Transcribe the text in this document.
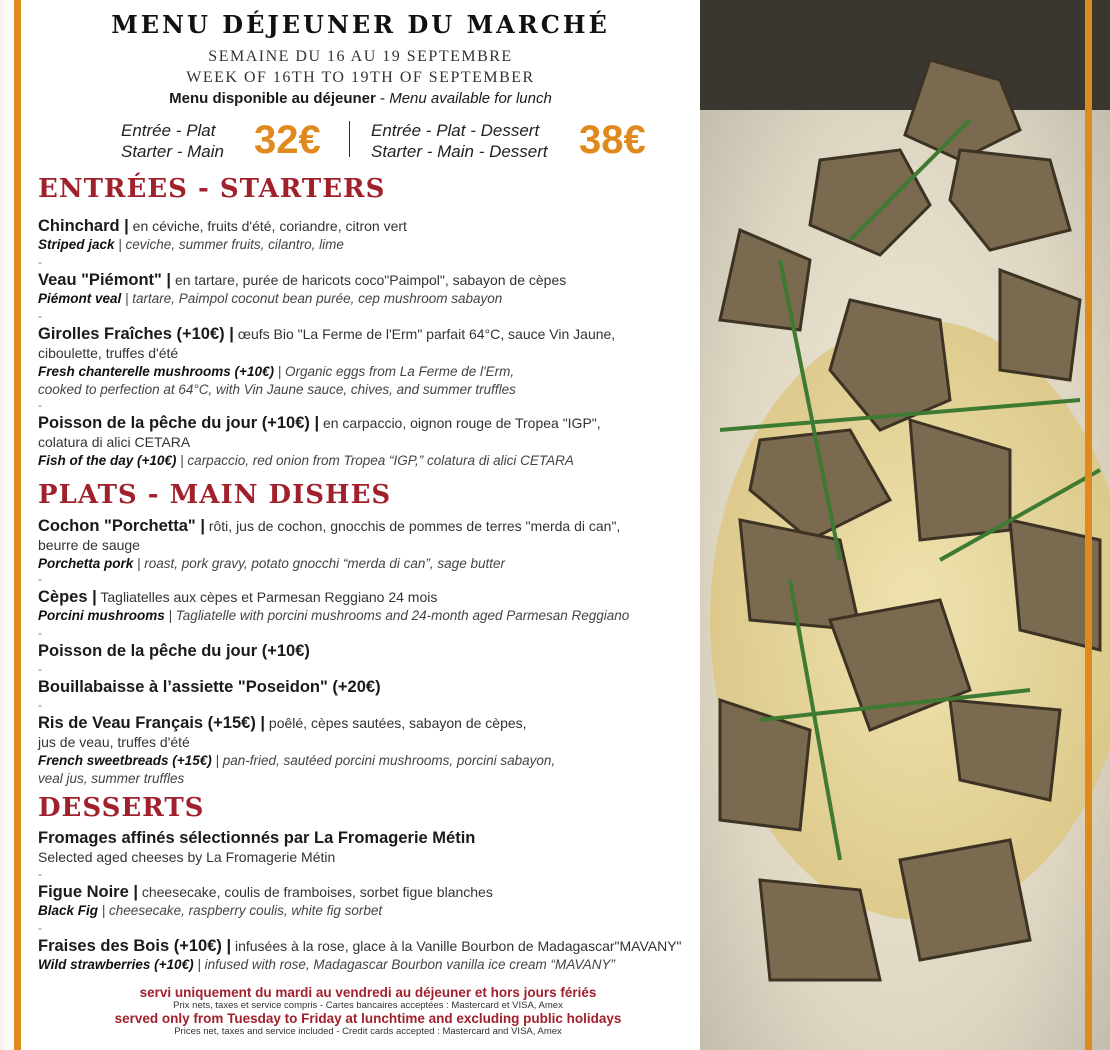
MENU DÉJEUNER DU MARCHÉ
SEMAINE DU 16 AU 19 SEPTEMBRE
WEEK OF 16TH TO 19TH OF SEPTEMBER
Menu disponible au déjeuner - Menu available for lunch
Entrée - Plat
Starter - Main 32€	Entrée - Plat - Dessert
Starter - Main - Dessert 38€
ENTRÉES - STARTERS
Chinchard | en céviche, fruits d'été, coriandre, citron vert
Striped jack | ceviche, summer fruits, cilantro, lime
-
Veau "Piémont" | en tartare, purée de haricots coco"Paimpol", sabayon de cèpes
Piémont veal | tartare, Paimpol coconut bean purée, cep mushroom sabayon
-
Girolles Fraîches (+10€) | œufs Bio "La Ferme de l'Erm" parfait 64°C, sauce Vin Jaune,
ciboulette, truffes d'été
Fresh chanterelle mushrooms (+10€) | Organic eggs from La Ferme de l'Erm,
cooked to perfection at 64°C, with Vin Jaune sauce, chives, and summer truffles
-
Poisson de la pêche du jour (+10€) | en carpaccio, oignon rouge de Tropea "IGP",
colatura di alici CETARA
Fish of the day (+10€) | carpaccio, red onion from Tropea “IGP,” colatura di alici CETARA
PLATS - MAIN DISHES
Cochon "Porchetta" | rôti, jus de cochon, gnocchis de pommes de terres "merda di can",
beurre de sauge
Porchetta pork | roast, pork gravy, potato gnocchi “merda di can”, sage butter
-
Cèpes | Tagliatelles aux cèpes et Parmesan Reggiano 24 mois
Porcini mushrooms | Tagliatelle with porcini mushrooms and 24-month aged Parmesan Reggiano
-
Poisson de la pêche du jour (+10€)
-
Bouillabaisse à l’assiette "Poseidon" (+20€)
-
Ris de Veau Français (+15€) | poêlé, cèpes sautées, sabayon de cèpes,
jus de veau, truffes d'été
French sweetbreads (+15€) | pan-fried, sautéed porcini mushrooms, porcini sabayon,
veal jus, summer truffles
DESSERTS
Fromages affinés sélectionnés par La Fromagerie Métin
Selected aged cheeses by La Fromagerie Métin
-
Figue Noire | cheesecake, coulis de framboises, sorbet figue blanches
Black Fig | cheesecake, raspberry coulis, white fig sorbet
-
Fraises des Bois (+10€) | infusées à la rose, glace à la Vanille Bourbon de Madagascar"MAVANY"
Wild strawberries (+10€) | infused with rose, Madagascar Bourbon vanilla ice cream “MAVANY”
servi uniquement du mardi au vendredi au déjeuner et hors jours fériés
Prix nets, taxes et service compris - Cartes bancaires acceptées : Mastercard et VISA, Amex
served only from Tuesday to Friday at lunchtime and excluding public holidays
Prices net, taxes and service included - Credit cards accepted : Mastercard and VISA, Amex
